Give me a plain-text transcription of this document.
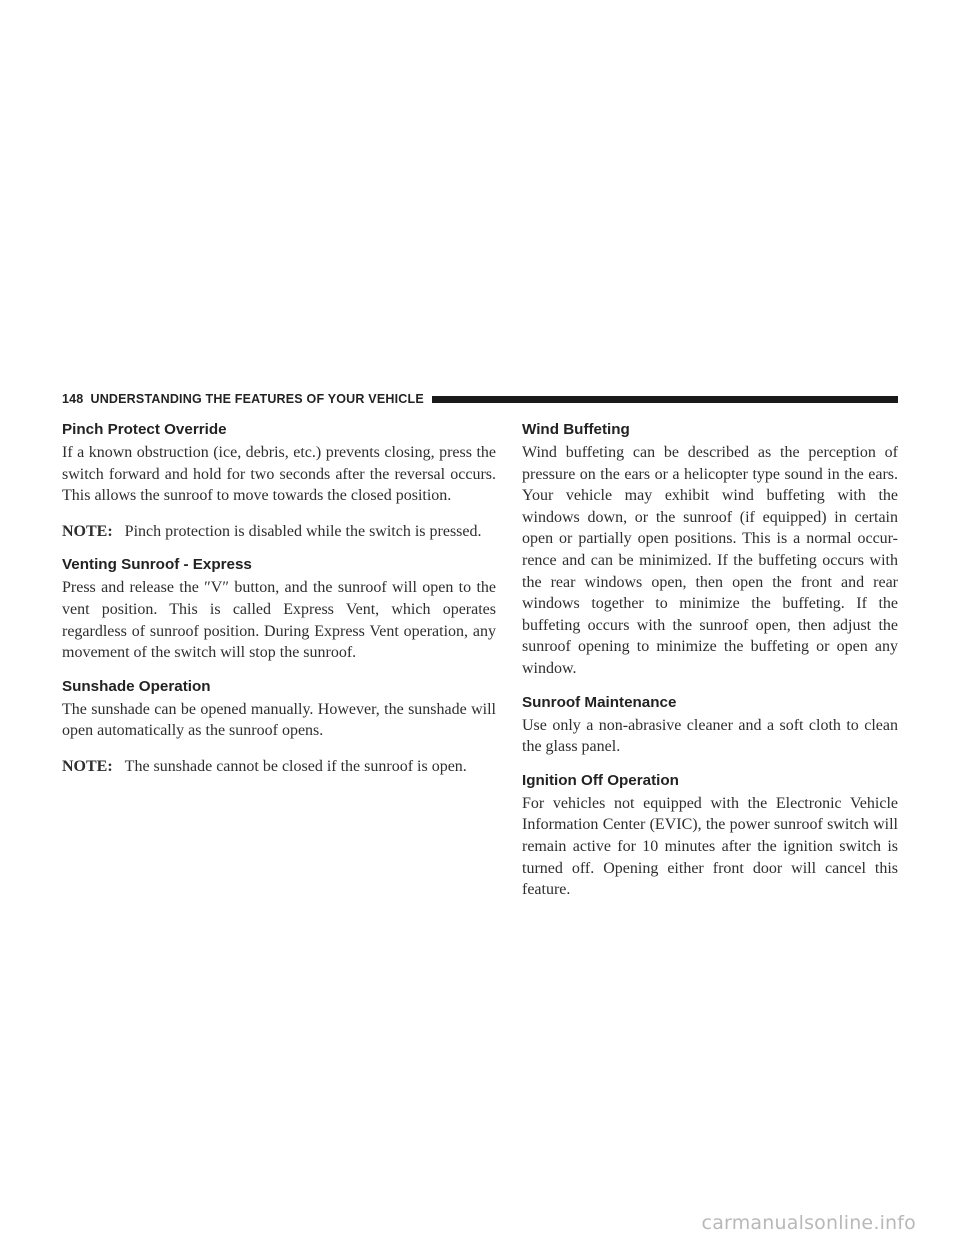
148 UNDERSTANDING THE FEATURES OF YOUR VEHICLE
Pinch Protect Override

If a known obstruction (ice, debris, etc.) prevents closing, press the switch forward and hold for two seconds after the reversal occurs. This allows the sunroof to move towards the closed position.

NOTE: Pinch protection is disabled while the switch is pressed.

Venting Sunroof - Express

Press and release the ″V″ button, and the sunroof will open to the vent position. This is called Express Vent, which operates regardless of sunroof position. During Express Vent operation, any movement of the switch will stop the sunroof.

Sunshade Operation

The sunshade can be opened manually. However, the sunshade will open automatically as the sunroof opens.

NOTE: The sunshade cannot be closed if the sunroof is open.

Wind Buffeting

Wind buffeting can be described as the perception of pressure on the ears or a helicopter type sound in the ears. Your vehicle may exhibit wind buffeting with the windows down, or the sunroof (if equipped) in certain open or partially open positions. This is a normal occur-rence and can be minimized. If the buffeting occurs with the rear windows open, then open the front and rear windows together to minimize the buffeting. If the buffeting occurs with the sunroof open, then adjust the sunroof opening to minimize the buffeting or open any window.

Sunroof Maintenance

Use only a non-abrasive cleaner and a soft cloth to clean the glass panel.

Ignition Off Operation

For vehicles not equipped with the Electronic Vehicle Information Center (EVIC), the power sunroof switch will remain active for 10 minutes after the ignition switch is turned off. Opening either front door will cancel this feature.

carmanualsonline.info
